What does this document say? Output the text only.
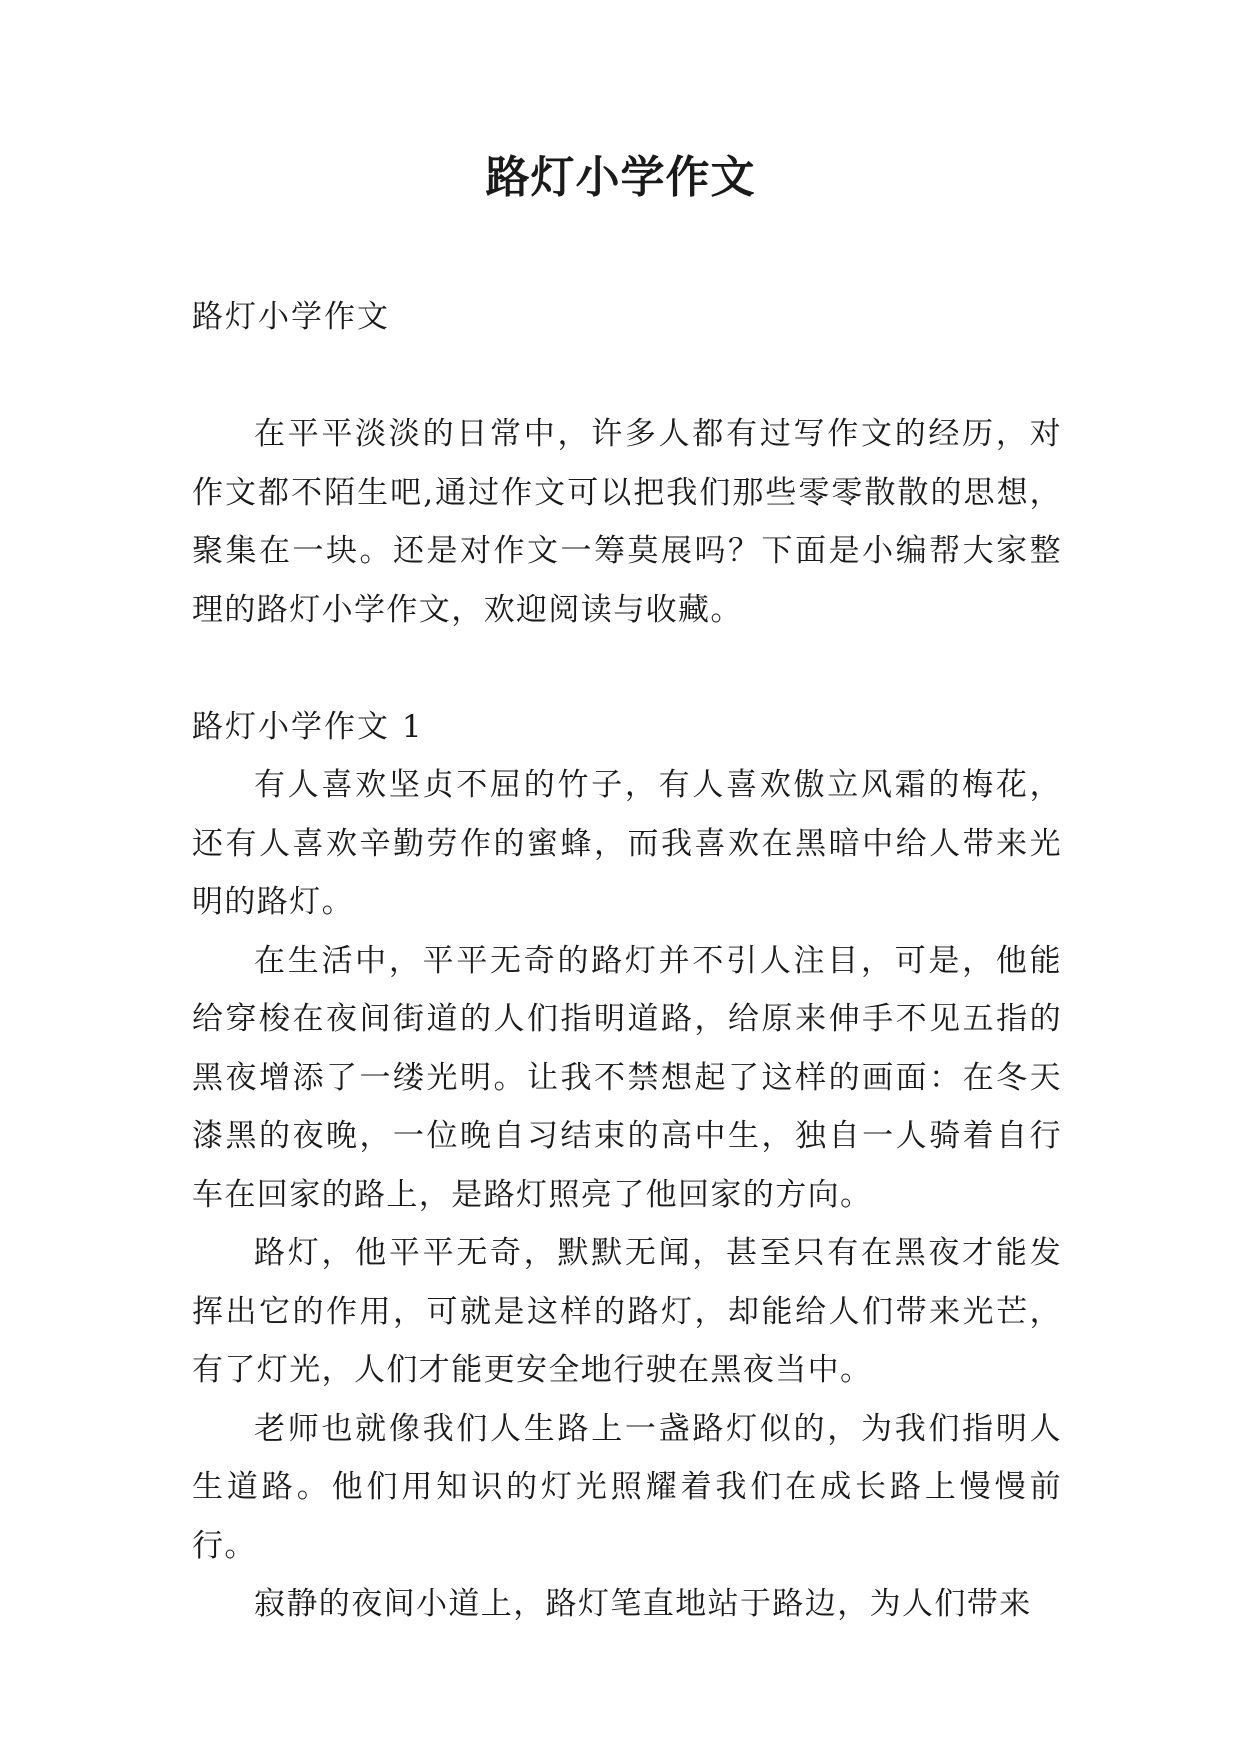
路灯小学作文

路灯小学作文

在平平淡淡的日常中，许多人都有过写作文的经历，对作文都不陌生吧,通过作文可以把我们那些零零散散的思想，聚集在一块。还是对作文一筹莫展吗？下面是小编帮大家整理的路灯小学作文，欢迎阅读与收藏。

路灯小学作文 1

有人喜欢坚贞不屈的竹子，有人喜欢傲立风霜的梅花，还有人喜欢辛勤劳作的蜜蜂，而我喜欢在黑暗中给人带来光明的路灯。

在生活中，平平无奇的路灯并不引人注目，可是，他能给穿梭在夜间街道的人们指明道路，给原来伸手不见五指的黑夜增添了一缕光明。让我不禁想起了这样的画面：在冬天漆黑的夜晚，一位晚自习结束的高中生，独自一人骑着自行车在回家的路上，是路灯照亮了他回家的方向。

路灯，他平平无奇，默默无闻，甚至只有在黑夜才能发挥出它的作用，可就是这样的路灯，却能给人们带来光芒，有了灯光，人们才能更安全地行驶在黑夜当中。

老师也就像我们人生路上一盏路灯似的，为我们指明人生道路。他们用知识的灯光照耀着我们在成长路上慢慢前行。

寂静的夜间小道上，路灯笔直地站于路边，为人们带来
